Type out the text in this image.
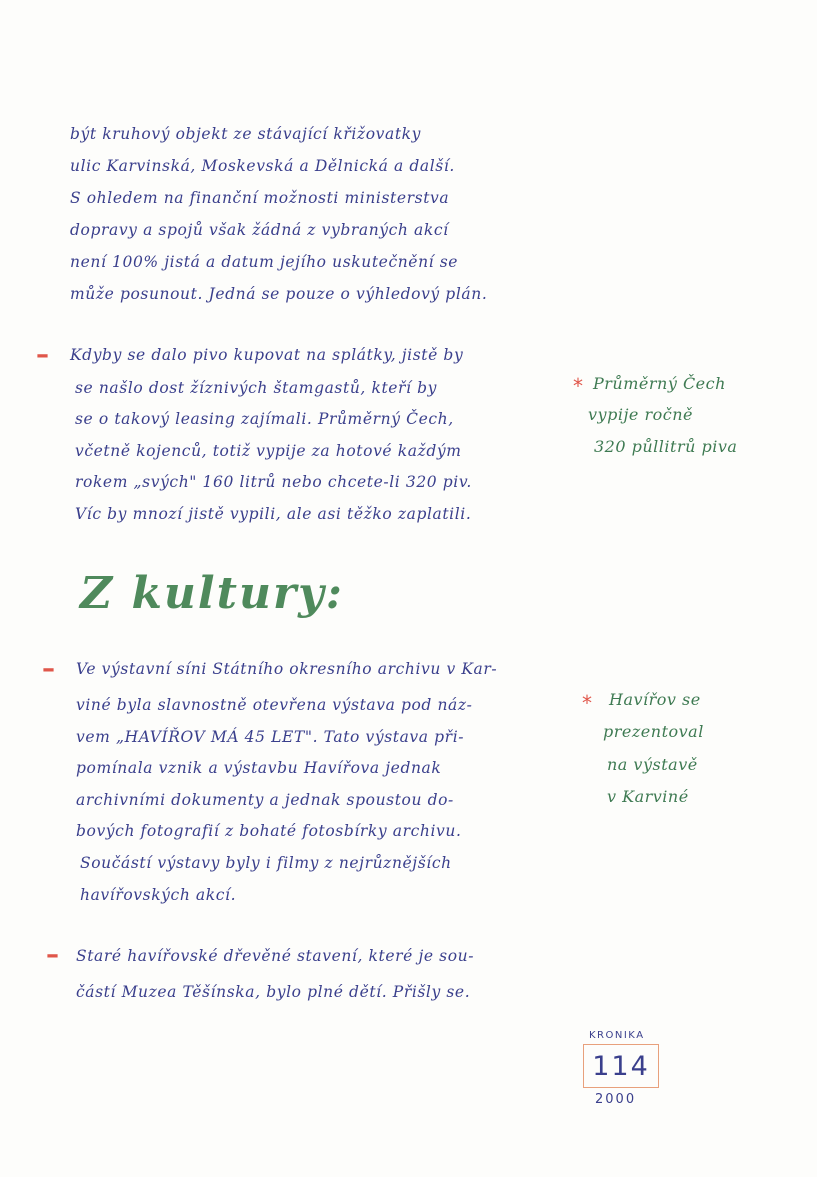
být kruhový objekt ze stávající křižovatky
ulic Karvinská, Moskevská a Dělnická a další.
S ohledem na finanční možnosti ministerstva
dopravy a spojů však žádná z vybraných akcí
není 100% jistá a datum jejího uskutečnění se
může posunout. Jedná se pouze o výhledový plán.
– Kdyby se dalo pivo kupovat na splátky, jistě by
se našlo dost žíznivých štamgastů, kteří by
se o takový leasing zajímali. Průměrný Čech,
včetně kojenců, totiž vypije za hotové každým
rokem „svých" 160 litrů nebo chcete-li 320 piv.
Víc by mnozí jistě vypili, ale asi těžko zaplatili.
* Průměrný Čech
vypije ročně
320 půllitrů piva
Z kultury:
– Ve výstavní síni Státního okresního archivu v Kar-
viné byla slavnostně otevřena výstava pod náz-
vem „HAVÍŘOV MÁ 45 LET". Tato výstava při-
pomínala vznik a výstavbu Havířova jednak
archivními dokumenty a jednak spoustou do-
bových fotografií z bohaté fotosbírky archivu.
Součástí výstavy byly i filmy z nejrůznějších
havířovských akcí.
* Havířov se
prezentoval
na výstavě
v Karviné
– Staré havířovské dřevěné stavení, které je sou-
částí Muzea Těšínska, bylo plné dětí. Přišly se.
KRONIKA
114
2000
